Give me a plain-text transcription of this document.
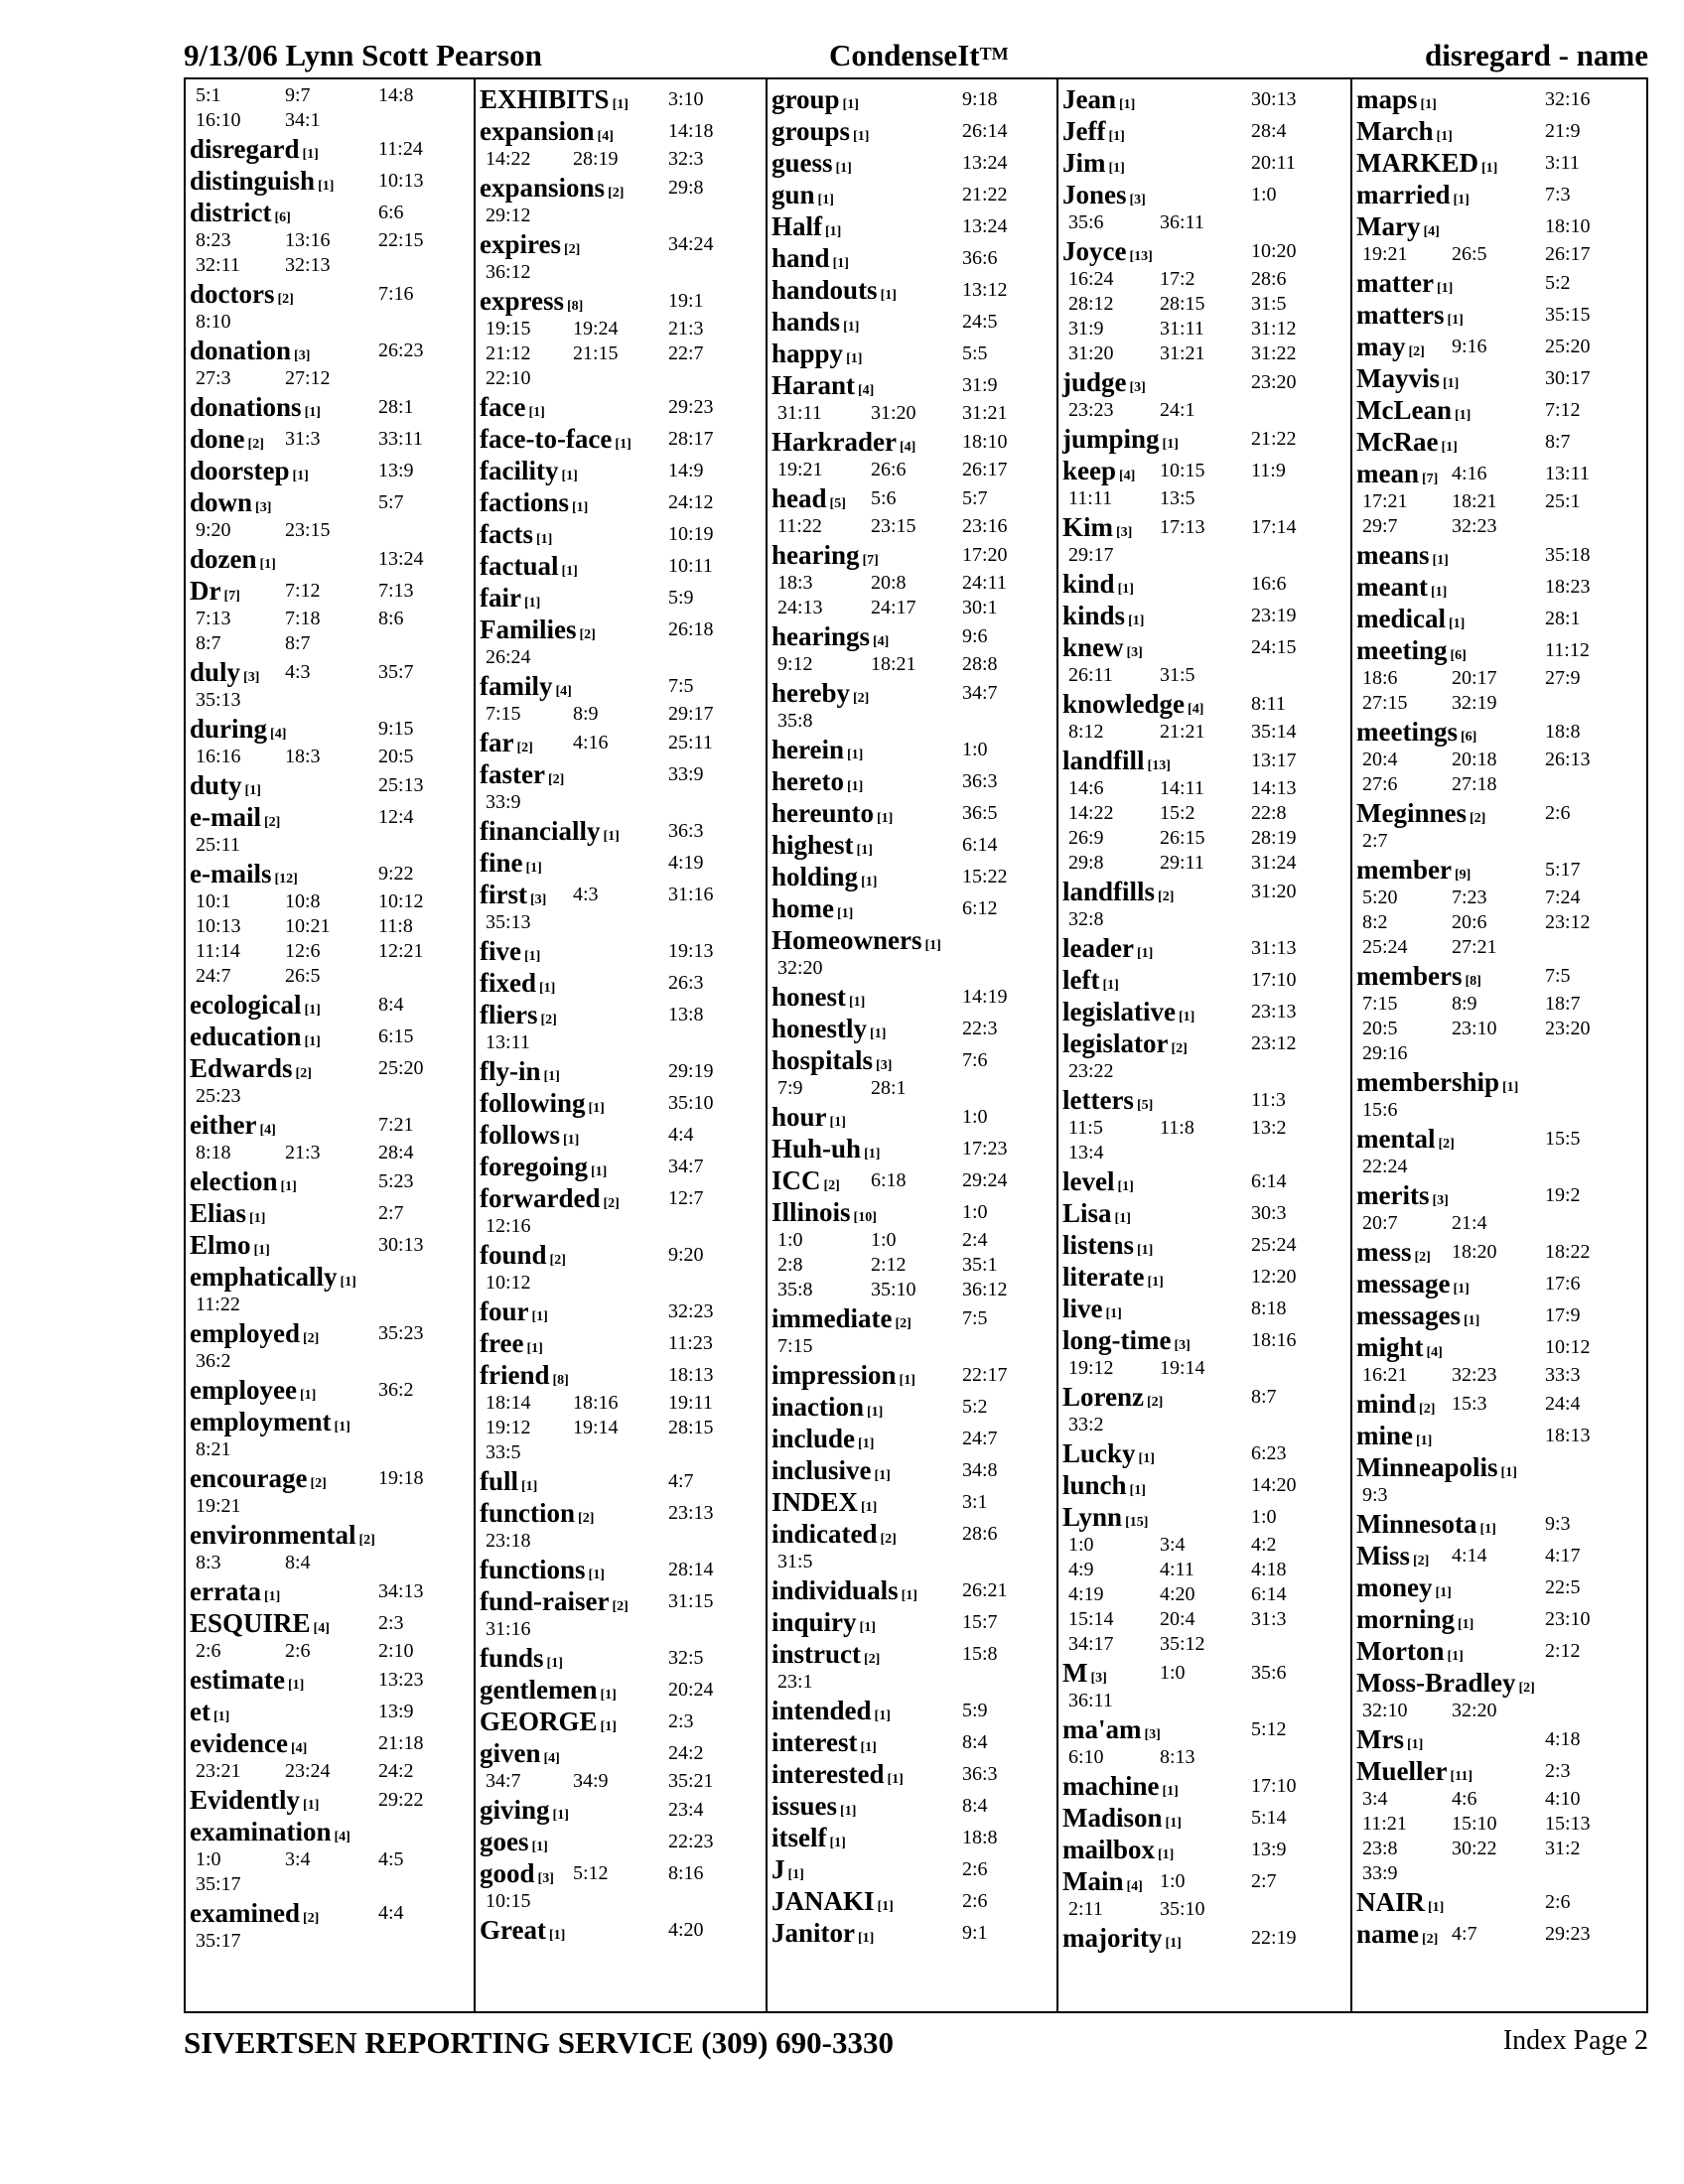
9/13/06 Lynn Scott Pearson	CondenseIt™	disregard - name
5:1	9:7	14:8
16:10 34:1
disregard [1]	11:24
distinguish [1] 10:13
district [6]	6:6
8:23	13:16 22:15
32:11 32:13
doctors [2]	7:16
8:10
donation [3]	26:23
27:3	27:12
donations [1]	28:1
done [2] 31:3	33:11
doorstep [1]	13:9
down [3]	5:7
9:20	23:15
dozen [1]	13:24
Dr [7] 7:12	7:13
7:13	7:18	8:6
8:7	8:7
duly [3] 4:3	35:7
35:13
during [4]	9:15
16:16 18:3	20:5
duty [1]	25:13
e-mail [2]	12:4
25:11
e-mails [12]	9:22
10:1	10:8	10:12
10:13 10:21 11:8
11:14 12:6	12:21
24:7	26:5
ecological [1]	8:4
education [1]	6:15
Edwards [2]	25:20
25:23
either [4]	7:21
8:18	21:3	28:4
election [1]	5:23
Elias [1]	2:7
Elmo [1]	30:13
emphatically [1]
11:22
employed [2]	35:23
36:2
employee [1]	36:2
employment [1]
8:21
encourage [2]	19:18
19:21
environmental [2]
8:3	8:4
errata [1]	34:13
ESQUIRE [4] 2:3
2:6	2:6	2:10
estimate [1]	13:23
et [1]	13:9
evidence [4]	21:18
23:21 23:24 24:2
Evidently [1]	29:22
examination [4]
1:0	3:4	4:5
35:17
examined [2]	4:4
35:17
EXHIBITS [1] 3:10
expansion [4]	14:18
14:22 28:19	32:3
expansions [2] 29:8
29:12
expires [2]	34:24
36:12
express [8]	19:1
19:15 19:24	21:3
21:12 21:15	22:7
22:10
face [1]	29:23
face-to-face [1] 28:17
facility [1]	14:9
factions [1]	24:12
facts [1]	10:19
factual [1]	10:11
fair [1]	5:9
Families [2]	26:18
26:24
family [4]	7:5
7:15	8:9	29:17
far [2] 4:16	25:11
faster [2]	33:9
33:9
financially [1] 36:3
fine [1]	4:19
first [3] 4:3	31:16
35:13
five [1]	19:13
fixed [1]	26:3
fliers [2]	13:8
13:11
fly-in [1]	29:19
following [1]	35:10
follows [1]	4:4
foregoing [1]	34:7
forwarded [2] 12:7
12:16
found [2]	9:20
10:12
four [1]	32:23
free [1]	11:23
friend [8]	18:13
18:14 18:16	19:11
19:12 19:14	28:15
33:5
full [1]	4:7
function [2]	23:13
23:18
functions [1]	28:14
fund-raiser [2] 31:15
31:16
funds [1]	32:5
gentlemen [1]	20:24
GEORGE [1]	2:3
given [4]	24:2
34:7	34:9	35:21
giving [1]	23:4
goes [1]	22:23
good [3] 5:12	8:16
10:15
Great [1]	4:20
group [1]	9:18
groups [1]	26:14
guess [1]	13:24
gun [1]	21:22
Half [1]	13:24
hand [1]	36:6
handouts [1]	13:12
hands [1]	24:5
happy [1]	5:5
Harant [4]	31:9
31:11 31:20 31:21
Harkrader [4] 18:10
19:21 26:6	26:17
head [5] 5:6	5:7
11:22 23:15 23:16
hearing [7]	17:20
18:3	20:8	24:11
24:13 24:17 30:1
hearings [4]	9:6
9:12	18:21 28:8
hereby [2]	34:7
35:8
herein [1]	1:0
hereto [1]	36:3
hereunto [1]	36:5
highest [1]	6:14
holding [1]	15:22
home [1]	6:12
Homeowners [1]
32:20
honest [1]	14:19
honestly [1]	22:3
hospitals [3]	7:6
7:9	28:1
hour [1]	1:0
Huh-uh [1]	17:23
ICC [2] 6:18	29:24
Illinois [10]	1:0
1:0	1:0	2:4
2:8	2:12	35:1
35:8	35:10 36:12
immediate [2]	7:5
7:15
impression [1] 22:17
inaction [1]	5:2
include [1]	24:7
inclusive [1]	34:8
INDEX [1]	3:1
indicated [2]	28:6
31:5
individuals [1] 26:21
inquiry [1]	15:7
instruct [2]	15:8
23:1
intended [1]	5:9
interest [1]	8:4
interested [1]	36:3
issues [1]	8:4
itself [1]	18:8
J [1]	2:6
JANAKI [1]	2:6
Janitor [1]	9:1
Jean [1]	30:13
Jeff [1]	28:4
Jim [1]	20:11
Jones [3]	1:0
35:6	36:11
Joyce [13]	10:20
16:24 17:2	28:6
28:12 28:15 31:5
31:9	31:11 31:12
31:20 31:21 31:22
judge [3]	23:20
23:23 24:1
jumping [1]	21:22
keep [4] 10:15 11:9
11:11 13:5
Kim [3] 17:13 17:14
29:17
kind [1]	16:6
kinds [1]	23:19
knew [3]	24:15
26:11 31:5
knowledge [4] 8:11
8:12	21:21 35:14
landfill [13]	13:17
14:6	14:11 14:13
14:22 15:2	22:8
26:9	26:15 28:19
29:8	29:11 31:24
landfills [2]	31:20
32:8
leader [1]	31:13
left [1]	17:10
legislative [1]	23:13
legislator [2]	23:12
23:22
letters [5]	11:3
11:5	11:8	13:2
13:4
level [1]	6:14
Lisa [1]	30:3
listens [1]	25:24
literate [1]	12:20
live [1]	8:18
long-time [3]	18:16
19:12 19:14
Lorenz [2]	8:7
33:2
Lucky [1]	6:23
lunch [1]	14:20
Lynn [15]	1:0
1:0	3:4	4:2
4:9	4:11	4:18
4:19	4:20	6:14
15:14 20:4	31:3
34:17 35:12
M [3]	1:0	35:6
36:11
ma'am [3]	5:12
6:10	8:13
machine [1]	17:10
Madison [1]	5:14
mailbox [1]	13:9
Main [4] 1:0	2:7
2:11	35:10
majority [1]	22:19
maps [1]	32:16
March [1]	21:9
MARKED [1] 3:11
married [1]	7:3
Mary [4]	18:10
19:21 26:5	26:17
matter [1]	5:2
matters [1]	35:15
may [2] 9:16	25:20
Mayvis [1]	30:17
McLean [1]	7:12
McRae [1]	8:7
mean [7] 4:16	13:11
17:21 18:21 25:1
29:7	32:23
means [1]	35:18
meant [1]	18:23
medical [1]	28:1
meeting [6]	11:12
18:6	20:17 27:9
27:15 32:19
meetings [6]	18:8
20:4	20:18 26:13
27:6	27:18
Meginnes [2]	2:6
2:7
member [9]	5:17
5:20	7:23	7:24
8:2	20:6	23:12
25:24 27:21
members [8]	7:5
7:15	8:9	18:7
20:5	23:10 23:20
29:16
membership [1]
15:6
mental [2]	15:5
22:24
merits [3]	19:2
20:7	21:4
mess [2] 18:20 18:22
message [1]	17:6
messages [1]	17:9
might [4]	10:12
16:21 32:23 33:3
mind [2] 15:3	24:4
mine [1]	18:13
Minneapolis [1]
9:3
Minnesota [1] 9:3
Miss [2] 4:14	4:17
money [1]	22:5
morning [1]	23:10
Morton [1]	2:12
Moss-Bradley [2]
32:10 32:20
Mrs [1]	4:18
Mueller [11]	2:3
3:4	4:6	4:10
11:21 15:10 15:13
23:8	30:22 31:2
33:9
NAIR [1]	2:6
name [2] 4:7	29:23
SIVERTSEN REPORTING SERVICE (309) 690-3330	Index Page 2
